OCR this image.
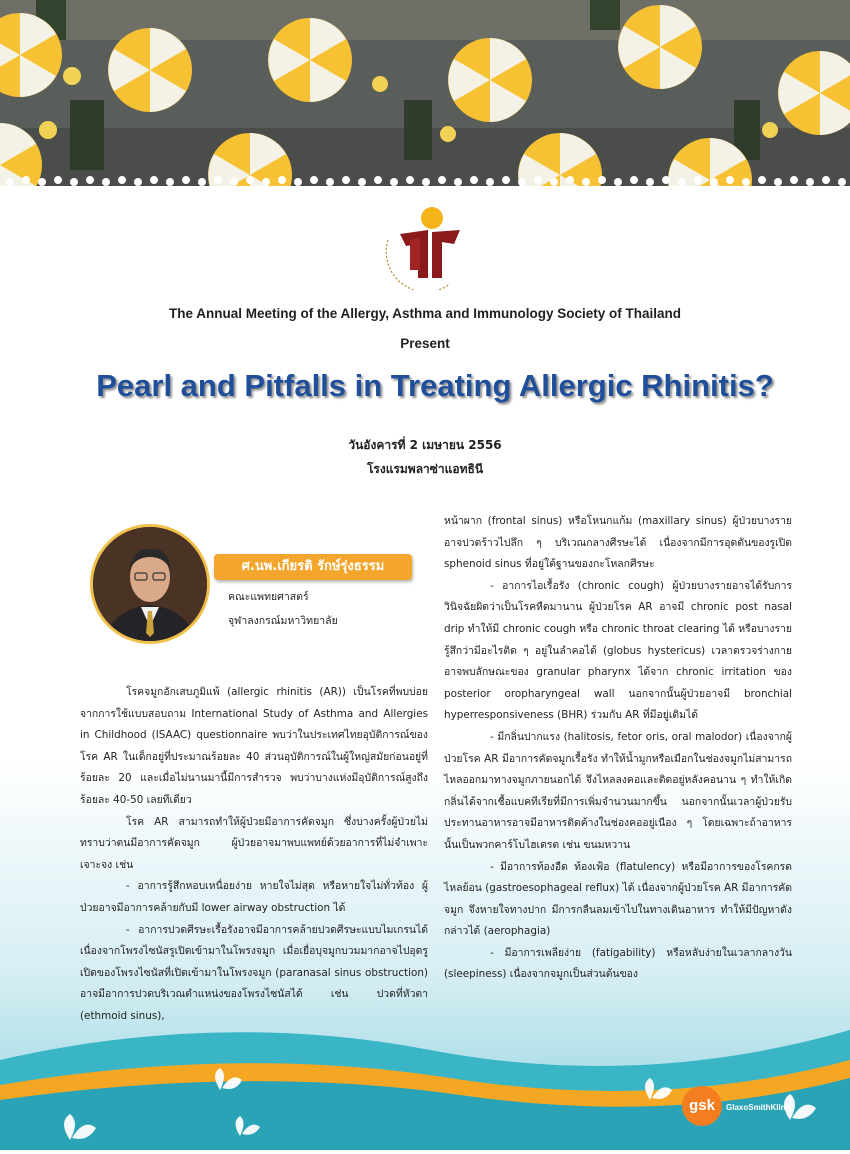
The Annual Meeting of the Allergy, Asthma and Immunology Society of Thailand
Present
Pearl and Pitfalls in Treating Allergic Rhinitis?
วันอังคารที่ 2 เมษายน 2556
โรงแรมพลาซ่าแอทธินี
ศ.นพ.เกียรติ รักษ์รุ่งธรรม
คณะแพทยศาสตร์
จุฬาลงกรณ์มหาวิทยาลัย

โรคจมูกอักเสบภูมิแพ้ (allergic rhinitis (AR)) เป็นโรคที่พบบ่อย จากการใช้แบบสอบถาม International Study of Asthma and Allergies in Childhood (ISAAC) questionnaire พบว่าในประเทศไทยอุบัติการณ์ของโรค AR ในเด็กอยู่ที่ประมาณร้อยละ 40 ส่วนอุบัติการณ์ในผู้ใหญ่สมัยก่อนอยู่ที่ร้อยละ 20 และเมื่อไม่นานมานี้มีการสำรวจ พบว่าบางแห่งมีอุบัติการณ์สูงถึงร้อยละ 40-50 เลยทีเดียว

โรค AR สามารถทำให้ผู้ป่วยมีอาการคัดจมูก ซึ่งบางครั้งผู้ป่วยไม่ทราบว่าตนมีอาการคัดจมูก ผู้ป่วยอาจมาพบแพทย์ด้วยอาการที่ไม่จำเพาะเจาะจง เช่น

- อาการรู้สึกหอบเหนื่อยง่าย หายใจไม่สุด หรือหายใจไม่ทั่วท้อง ผู้ป่วยอาจมีอาการคล้ายกับมี lower airway obstruction ได้

- อาการปวดศีรษะเรื้อรังอาจมีอาการคล้ายปวดศีรษะแบบไมเกรนได้ เนื่องจากโพรงไซนัสรูเปิดเข้ามาในโพรงจมูก เมื่อเยื่อบุจมูกบวมมากอาจไปอุดรูเปิดของโพรงไซนัสที่เปิดเข้ามาในโพรงจมูก (paranasal sinus obstruction) อาจมีอาการปวดบริเวณตำแหน่งของโพรงไซนัสได้ เช่น ปวดที่หัวตา (ethmoid sinus),

หน้าผาก (frontal sinus) หรือโหนกแก้ม (maxillary sinus) ผู้ป่วยบางรายอาจปวดร้าวไปลึก ๆ บริเวณกลางศีรษะได้ เนื่องจากมีการอุดตันของรูเปิด sphenoid sinus ที่อยู่ใต้ฐานของกะโหลกศีรษะ

- อาการไอเรื้อรัง (chronic cough) ผู้ป่วยบางรายอาจได้รับการวินิจฉัยผิดว่าเป็นโรคหืดมานาน ผู้ป่วยโรค AR อาจมี chronic post nasal drip ทำให้มี chronic cough หรือ chronic throat clearing ได้ หรือบางรายรู้สึกว่ามีอะไรติด ๆ อยู่ในลำคอได้ (globus hystericus) เวลาตรวจร่างกายอาจพบลักษณะของ granular pharynx ได้จาก chronic irritation ของ posterior oropharyngeal wall นอกจากนั้นผู้ป่วยอาจมี bronchial hyperresponsiveness (BHR) ร่วมกับ AR ที่มีอยู่เดิมได้

- มีกลิ่นปากแรง (halitosis, fetor oris, oral malodor) เนื่องจากผู้ป่วยโรค AR มีอาการคัดจมูกเรื้อรัง ทำให้น้ำมูกหรือเมือกในช่องจมูกไม่สามารถไหลออกมาทางจมูกภายนอกได้ จึงไหลลงคอและติดอยู่หลังคอนาน ๆ ทำให้เกิดกลิ่นได้จากเชื้อแบคทีเรียที่มีการเพิ่มจำนวนมากขึ้น นอกจากนั้นเวลาผู้ป่วยรับประทานอาหารอาจมีอาหารติดค้างในช่องคออยู่เนือง ๆ โดยเฉพาะถ้าอาหารนั้นเป็นพวกคาร์โบไฮเดรต เช่น ขนมหวาน

- มีอาการท้องอืด ท้องเฟ้อ (flatulency) หรือมีอาการของโรคกรดไหลย้อน (gastroesophageal reflux) ได้ เนื่องจากผู้ป่วยโรค AR มีอาการคัดจมูก จึงหายใจทางปาก มีการกลืนลมเข้าไปในทางเดินอาหาร ทำให้มีปัญหาดังกล่าวได้ (aerophagia)

- มีอาการเพลียง่าย (fatigability) หรือหลับง่ายในเวลากลางวัน (sleepiness) เนื่องจากจมูกเป็นส่วนต้นของ

gsk	GlaxoSmithKline
